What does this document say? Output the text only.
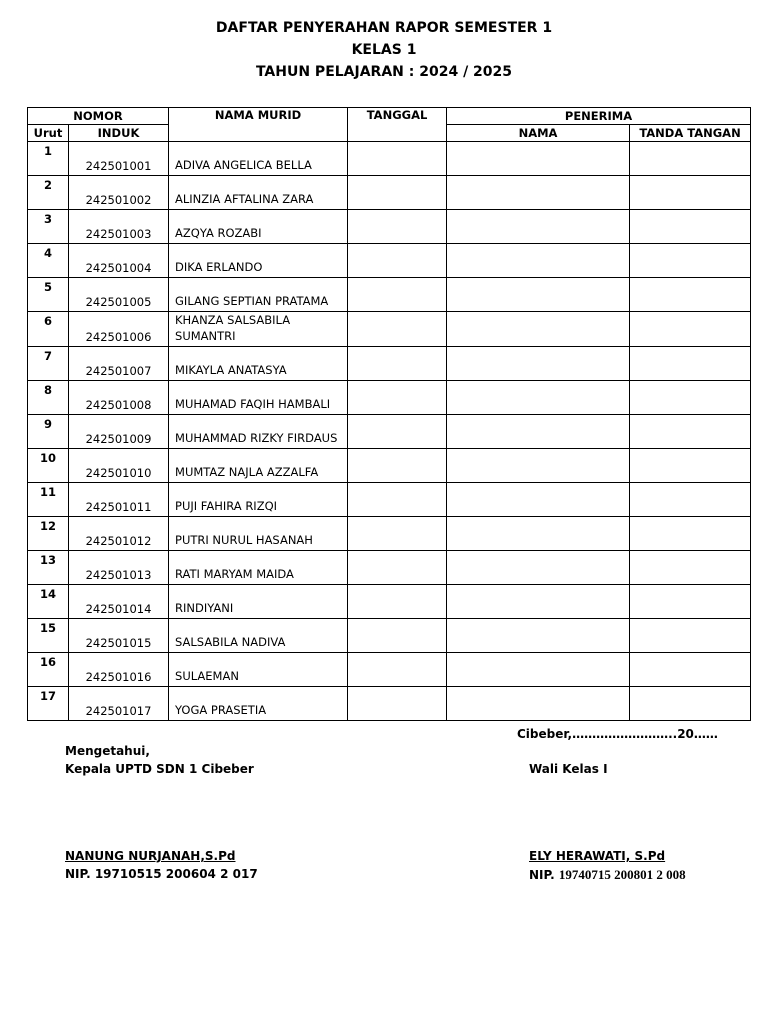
DAFTAR PENYERAHAN RAPOR SEMESTER 1
KELAS 1
TAHUN PELAJARAN : 2024 / 2025
NOMOR		NAMA MURID	TANGGAL	PENERIMA	
Urut	INDUK			NAMA	TANDA TANGAN
1	242501001	ADIVA ANGELICA BELLA			
2	242501002	ALINZIA AFTALINA ZARA			
3	242501003	AZQYA ROZABI			
4	242501004	DIKA ERLANDO			
5	242501005	GILANG SEPTIAN PRATAMA			
6	242501006	KHANZA SALSABILA SUMANTRI			
7	242501007	MIKAYLA ANATASYA			
8	242501008	MUHAMAD FAQIH HAMBALI			
9	242501009	MUHAMMAD RIZKY FIRDAUS			
10	242501010	MUMTAZ NAJLA AZZALFA			
11	242501011	PUJI FAHIRA RIZQI			
12	242501012	PUTRI NURUL HASANAH			
13	242501013	RATI MARYAM MAIDA			
14	242501014	RINDIYANI			
15	242501015	SALSABILA NADIVA			
16	242501016	SULAEMAN			
17	242501017	YOGA PRASETIA			
Cibeber,……………………..20……
Mengetahui,
Kepala UPTD SDN 1 Cibeber	Wali Kelas I
NANUNG NURJANAH,S.Pd	ELY HERAWATI, S.Pd
NIP. 19710515 200604 2 017	NIP. 19740715 200801 2 008
